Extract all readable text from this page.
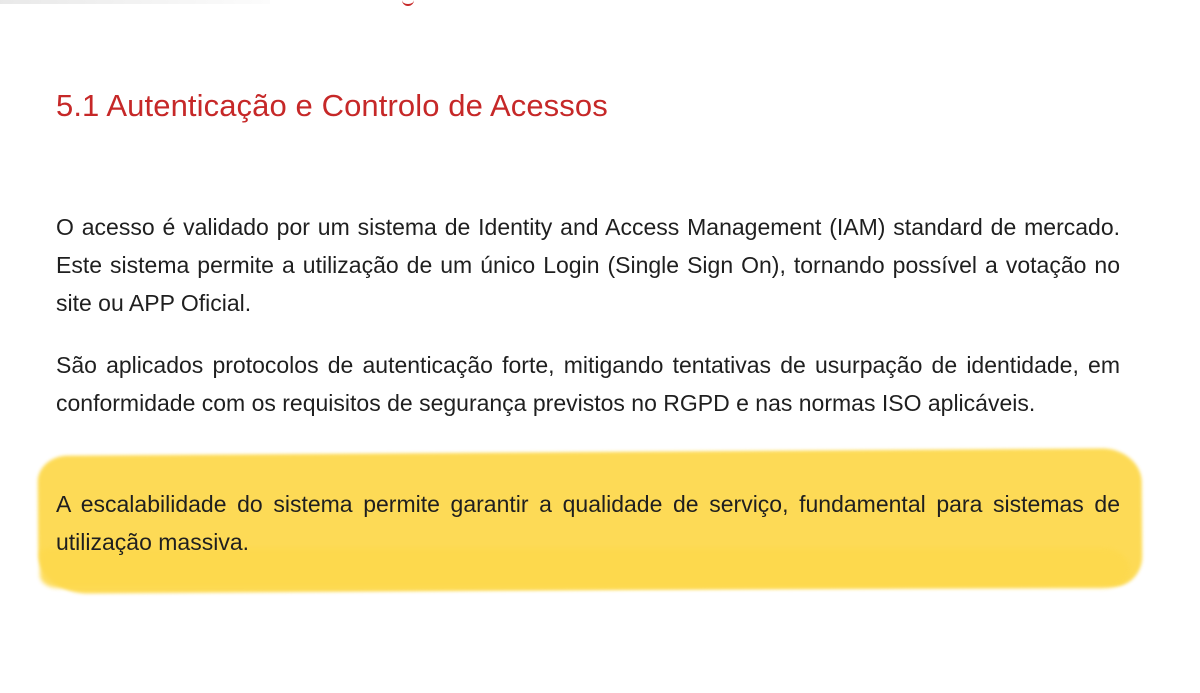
5.1 Autenticação e Controlo de Acessos

O acesso é validado por um sistema de Identity and Access Management (IAM) standard de mercado. Este sistema permite a utilização de um único Login (Single Sign On), tornando possível a votação no site ou APP Oficial.

São aplicados protocolos de autenticação forte, mitigando tentativas de usurpação de identidade, em conformidade com os requisitos de segurança previstos no RGPD e nas normas ISO aplicáveis.

A escalabilidade do sistema permite garantir a qualidade de serviço, fundamental para sistemas de utilização massiva.
